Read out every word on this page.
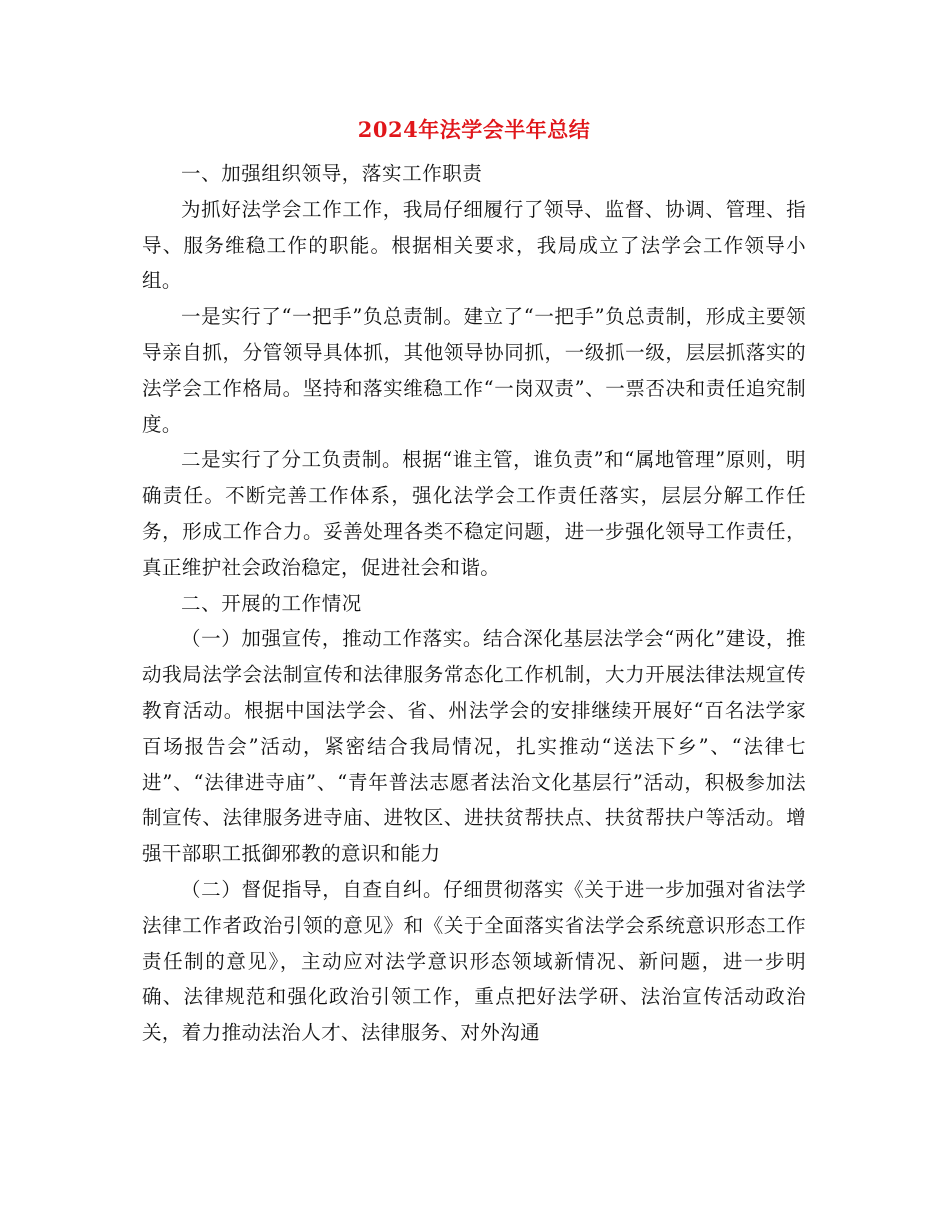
2024年法学会半年总结

一、加强组织领导，落实工作职责

为抓好法学会工作工作，我局仔细履行了领导、监督、协调、管理、指导、服务维稳工作的职能。根据相关要求，我局成立了法学会工作领导小组。

一是实行了“一把手”负总责制。建立了“一把手”负总责制，形成主要领导亲自抓，分管领导具体抓，其他领导协同抓，一级抓一级，层层抓落实的法学会工作格局。坚持和落实维稳工作“一岗双责”、一票否决和责任追究制度。

二是实行了分工负责制。根据“谁主管，谁负责”和“属地管理”原则，明确责任。不断完善工作体系，强化法学会工作责任落实，层层分解工作任务，形成工作合力。妥善处理各类不稳定问题，进一步强化领导工作责任，真正维护社会政治稳定，促进社会和谐。

二、开展的工作情况

（一）加强宣传，推动工作落实。结合深化基层法学会“两化”建设，推动我局法学会法制宣传和法律服务常态化工作机制，大力开展法律法规宣传教育活动。根据中国法学会、省、州法学会的安排继续开展好“百名法学家百场报告会”活动，紧密结合我局情况，扎实推动“送法下乡”、“法律七进”、“法律进寺庙”、“青年普法志愿者法治文化基层行”活动，积极参加法制宣传、法律服务进寺庙、进牧区、进扶贫帮扶点、扶贫帮扶户等活动。增强干部职工抵御邪教的意识和能力

（二）督促指导，自查自纠。仔细贯彻落实《关于进一步加强对省法学法律工作者政治引领的意见》和《关于全面落实省法学会系统意识形态工作责任制的意见》，主动应对法学意识形态领域新情况、新问题，进一步明确、法律规范和强化政治引领工作，重点把好法学研、法治宣传活动政治关，着力推动法治人才、法律服务、对外沟通
